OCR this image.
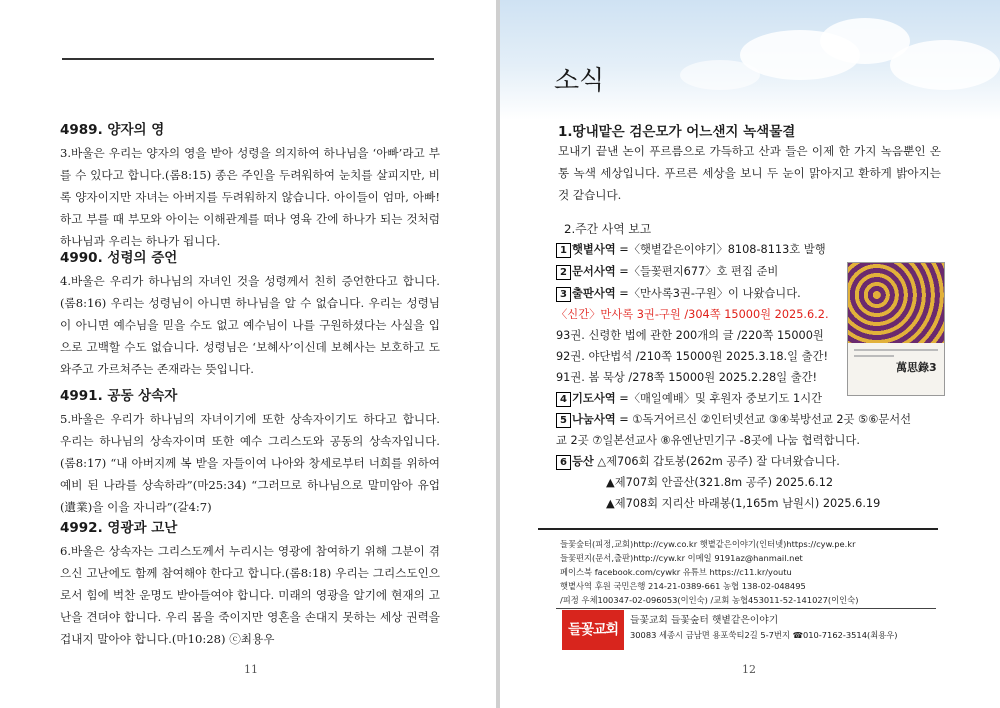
4989. 양자의 영

3.바울은 우리는 양자의 영을 받아 성령을 의지하여 하나님을 ‘아빠’라고 부를 수 있다고 합니다.(롬8:15) 종은 주인을 두려워하여 눈치를 살피지만, 비록 양자이지만 자녀는 아버지를 두려워하지 않습니다. 아이들이 엄마, 아빠! 하고 부를 때 부모와 아이는 이해관계를 떠나 영육 간에 하나가 되는 것처럼 하나님과 우리는 하나가 됩니다.

4990. 성령의 증언

4.바울은 우리가 하나님의 자녀인 것을 성령께서 친히 증언한다고 합니다.(롬8:16) 우리는 성령님이 아니면 하나님을 알 수 없습니다. 우리는 성령님이 아니면 예수님을 믿을 수도 없고 예수님이 나를 구원하셨다는 사실을 입으로 고백할 수도 없습니다. 성령님은 ‘보혜사’이신데 보혜사는 보호하고 도와주고 가르쳐주는 존재라는 뜻입니다.

4991. 공동 상속자

5.바울은 우리가 하나님의 자녀이기에 또한 상속자이기도 하다고 합니다. 우리는 하나님의 상속자이며 또한 예수 그리스도와 공동의 상속자입니다.(롬8:17) “내 아버지께 복 받을 자들이여 나아와 창세로부터 너희를 위하여 예비 된 나라를 상속하라”(마25:34) “그러므로 하나님으로 말미암아 유업(遺業)을 이을 자니라”(갈4:7)

4992. 영광과 고난

6.바울은 상속자는 그리스도께서 누리시는 영광에 참여하기 위해 그분이 겪으신 고난에도 함께 참여해야 한다고 합니다.(롬8:18) 우리는 그리스도인으로서 힘에 벅찬 운명도 받아들여야 합니다. 미래의 영광을 알기에 현재의 고난을 견뎌야 합니다. 우리 몸을 죽이지만 영혼을 손대지 못하는 세상 권력을 겁내지 말아야 합니다.(마10:28) ⓒ최용우

11
소식
1.땅내맡은 검은모가 어느샌지 녹색물결

모내기 끝낸 논이 푸르름으로 가득하고 산과 들은 이제 한 가지 녹음뿐인 온통 녹색 세상입니다. 푸르른 세상을 보니 두 눈이 맑아지고 환하게 밝아지는 것 같습니다.

2.주간 사역 보고
1 햇볕사역 =〈햇볕같은이야기〉8108-8113호 발행
2 문서사역 =〈들꽃편지677〉호 편집 준비
3 출판사역 =〈만사록3권-구원〉이 나왔습니다.
〈신간〉만사록 3권-구원 /304쪽 15000원 2025.6.2.
93권. 신령한 법에 관한 200개의 글 /220쪽 15000원
92권. 야단법석 /210쪽 15000원 2025.3.18.일 출간!
91권. 봄 묵상 /278쪽 15000원 2025.2.28일 출간!
萬思錄3
4 기도사역 =〈매일예배〉및 후원자 중보기도 1시간
5 나눔사역 = ①독거어르신 ②인터넷선교 ③④북방선교 2곳 ⑤⑥문서선
교 2곳 ⑦일본선교사 ⑧유엔난민기구 -8곳에 나눔 협력합니다.
6 등산 △제706회 갑토봉(262m 공주) 잘 다녀왔습니다.
▲제707회 안골산(321.8m 공주) 2025.6.12
▲제708회 지리산 바래봉(1,165m 남원시) 2025.6.19
들꽃숲터(피정,교회)http://cyw.co.kr 햇볕같은이야기(인터넷)https://cyw.pe.kr
들꽃편지(문서,출판)http://cyw.kr 이메일 9191az@hanmail.net
페이스북 facebook.com/cywkr 유튜브 https://c11.kr/youtu
햇볕사역 후원 국민은행 214-21-0389-661 농협 138-02-048495
/피정 우체100347-02-096053(이인숙) /교회 농협453011-52-141027(이인숙)
들꽃교회
들꽃교회 들꽃숲터 햇볕같은이야기
30083 세종시 금남면 용포쑥티2길 5-7번지 ☎010-7162-3514(최용우)
12
